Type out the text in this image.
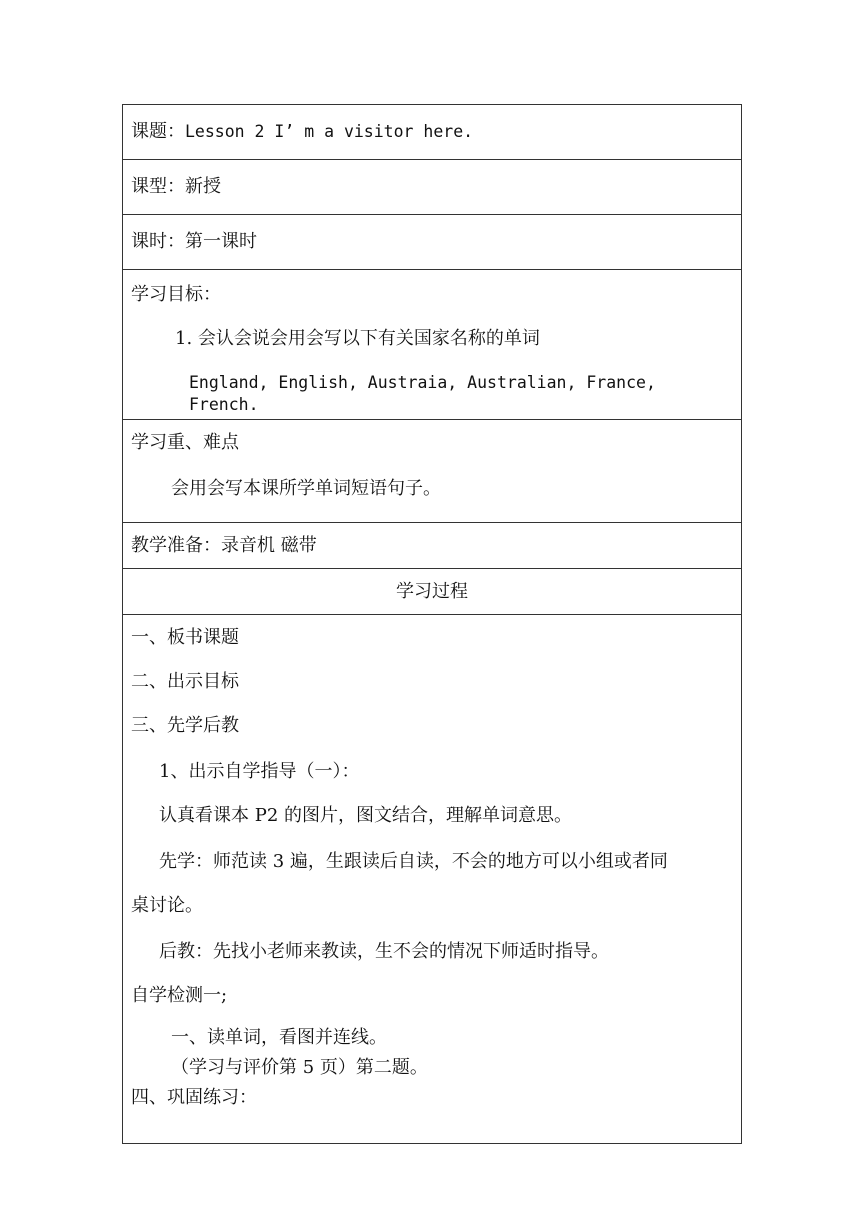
课题：Lesson 2 I’ m a visitor here.
课型：新授
课时：第一课时

学习目标：
1. 会认会说会用会写以下有关国家名称的单词
England, English, Austraia, Australian, France, French.

学习重、难点
会用会写本课所学单词短语句子。

教学准备：录音机 磁带
学习过程

一、板书课题
二、出示目标
三、先学后教
1、出示自学指导（一）：
认真看课本 P2 的图片，图文结合，理解单词意思。
先学：师范读 3 遍，生跟读后自读，不会的地方可以小组或者同
桌讨论。
后教：先找小老师来教读，生不会的情况下师适时指导。
自学检测一;
一、读单词，看图并连线。
（学习与评价第 5 页）第二题。
四、巩固练习：
